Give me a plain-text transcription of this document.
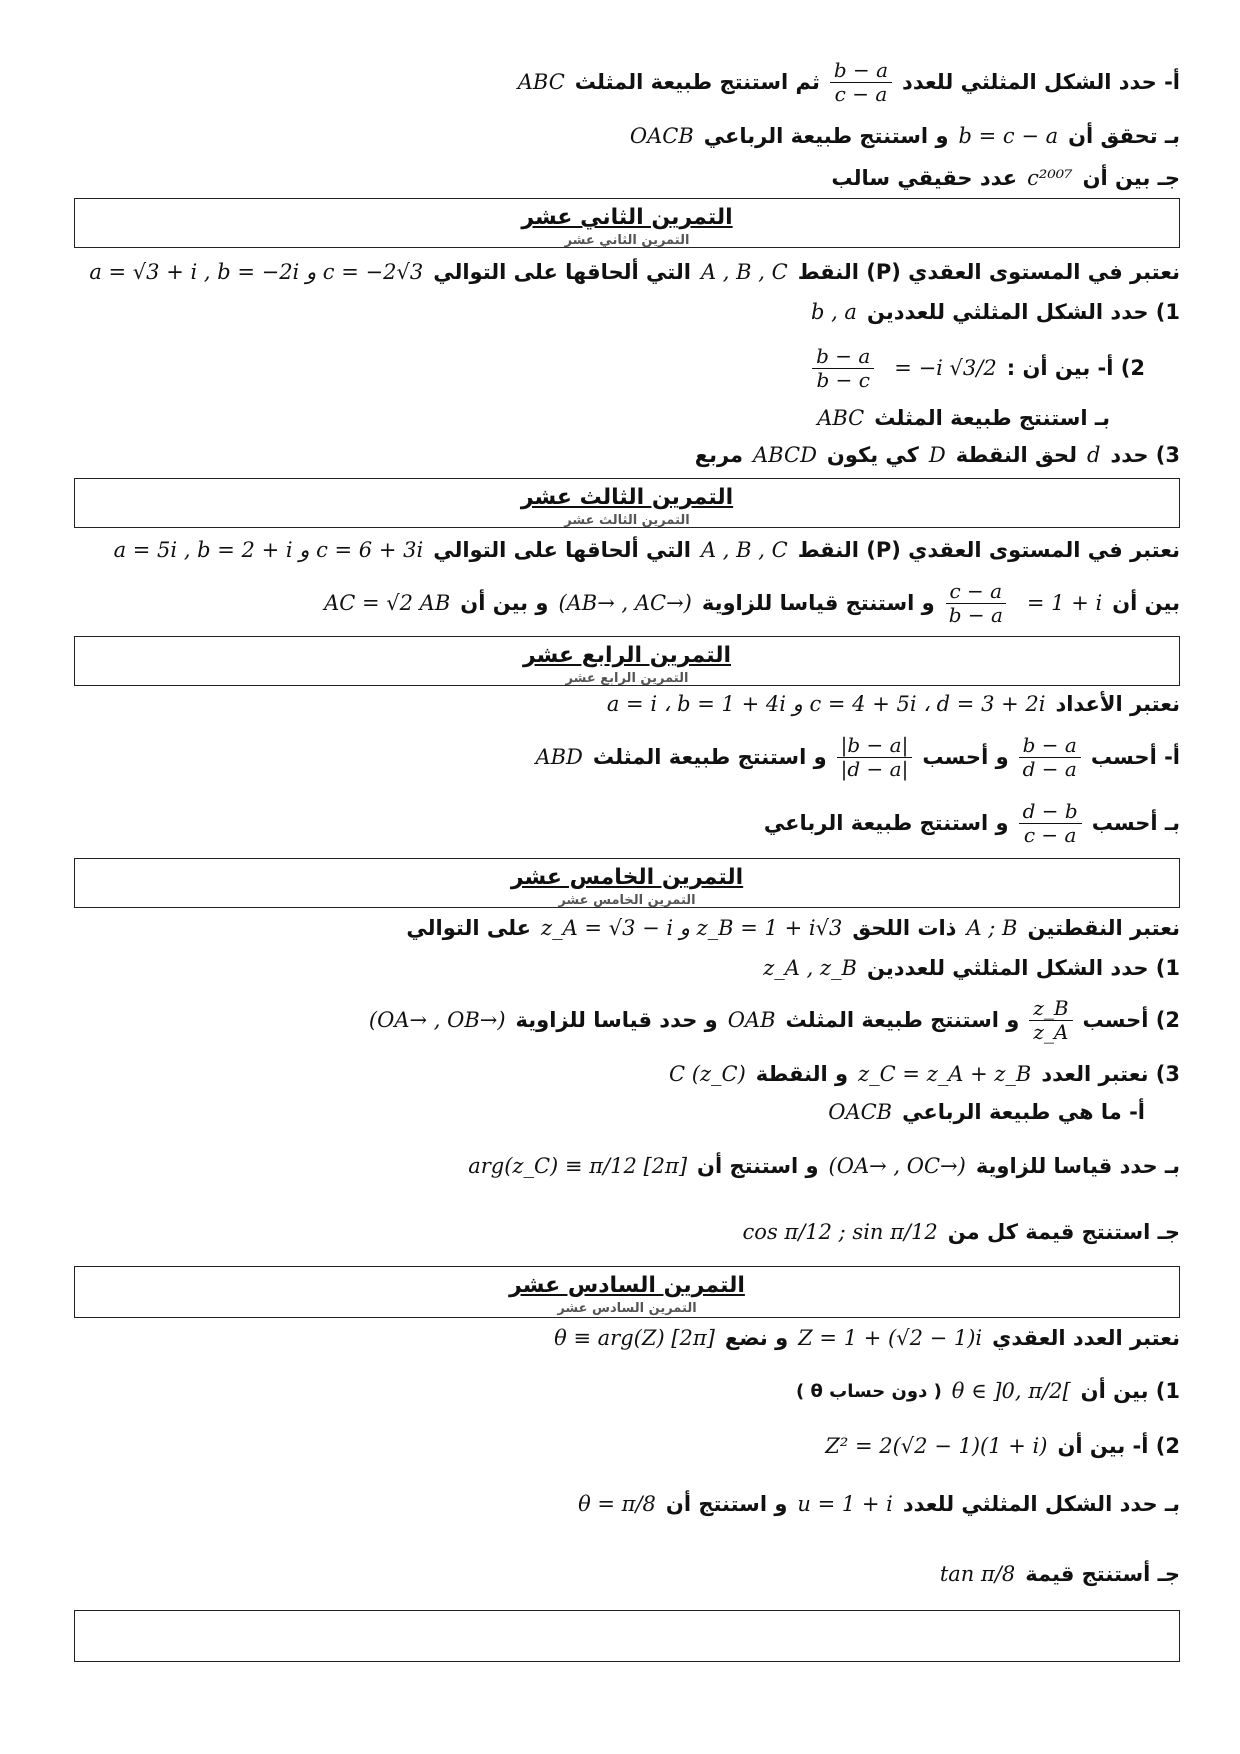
أ- حدد الشكل المثلثي للعدد
$\frac{b - a}{c - a}$
ثم استنتج طبيعة المثلث
ABC
بـ تحقق أن
b = c − a
و استنتج طبيعة الرباعي
OACB
جـ بين أن
c²⁰⁰⁷
عدد حقيقي سالب
التمرين الثاني عشر
التمرين الثاني عشر
نعتبر في المستوى العقدي (P) النقط
A , B , C
التي ألحاقها على التوالي
a = √3 + i , b = −2i و c = −2√3
1) حدد الشكل المثلثي للعددين
b , a
2) أ- بين أن :
= −i √3/2
$\frac{b - a}{b - c}$
بـ استنتج طبيعة المثلث
ABC
3) حدد
d
لحق النقطة
D
كي يكون
ABCD
مربع
التمرين الثالث عشر
التمرين الثالث عشر
نعتبر في المستوى العقدي (P) النقط
A , B , C
التي ألحاقها على التوالي
a = 5i , b = 2 + i و c = 6 + 3i
بين أن
= 1 + i
$\frac{c - a}{b - a}$
و استنتج قياسا للزاوية
(AB→ , AC→)
و بين أن
AC = √2 AB
التمرين الرابع عشر
التمرين الرابع عشر
نعتبر الأعداد
a = i ، b = 1 + 4i و c = 4 + 5i ، d = 3 + 2i
أ- أحسب
$\frac{b - a}{d - a}$
و أحسب
$\frac{|b - a|}{|d - a|}$
و استنتج طبيعة المثلث
ABD
بـ أحسب
$\frac{d - b}{c - a}$
و استنتج طبيعة الرباعي
التمرين الخامس عشر
التمرين الخامس عشر
نعتبر النقطتين
A ; B
ذات اللحق
z_A = √3 − i و z_B = 1 + i√3
على التوالي
1) حدد الشكل المثلثي للعددين
z_A , z_B
2) أحسب
$\frac{z\_B}{z\_A}$
و استنتج طبيعة المثلث
OAB
و حدد قياسا للزاوية
(OA→ , OB→)
3) نعتبر العدد
z_C = z_A + z_B
و النقطة
C (z_C)
أ- ما هي طبيعة الرباعي
OACB
بـ حدد قياسا للزاوية
(OA→ , OC→)
و استنتج أن
arg(z_C) ≡ π/12 [2π]
جـ استنتج قيمة كل من
cos π/12 ; sin π/12
التمرين السادس عشر
التمرين السادس عشر
نعتبر العدد العقدي
Z = 1 + (√2 − 1)i
و نضع
θ ≡ arg(Z) [2π]
1) بين أن
θ ∈ ]0, π/2[
( دون حساب θ )
2) أ- بين أن
Z² = 2(√2 − 1)(1 + i)
بـ حدد الشكل المثلثي للعدد
u = 1 + i
و استنتج أن
θ = π/8
جـ أستنتج قيمة
tan π/8
